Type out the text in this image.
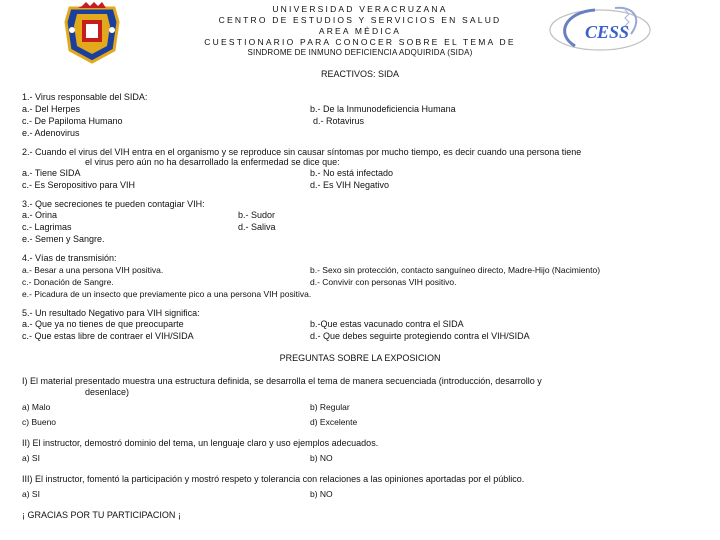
CESS
UNIVERSIDAD VERACRUZANA
CENTRO DE ESTUDIOS Y SERVICIOS EN SALUD
AREA MÉDICA
CUESTIONARIO PARA CONOCER SOBRE EL TEMA DE
SINDROME DE INMUNO DEFICIENCIA ADQUIRIDA (SIDA)
REACTIVOS: SIDA
1.- Virus responsable del SIDA:
a.- Del Herpes	b.- De la Inmunodeficiencia Humana
c.- De Papiloma Humano	d.- Rotavirus
e.- Adenovirus
2.- Cuando el virus del VIH entra en el organismo y se reproduce sin causar síntomas por mucho tiempo, es decir cuando una persona tiene
el virus pero aún no ha desarrollado la enfermedad se dice que:
a.- Tiene SIDA	b.- No está infectado
c.- Es Seropositivo para VIH	d.- Es VIH Negativo
3.- Que secreciones te pueden contagiar VIH:
a.- Orina	b.- Sudor
c.- Lagrimas	d.- Saliva
e.- Semen y Sangre.
4.- Vías de transmisión:
a.- Besar a una persona VIH positiva.	b.- Sexo sin protección, contacto sanguíneo directo, Madre-Hijo (Nacimiento)
c.- Donación de Sangre.	d.- Convivir con personas VIH positivo.
e.- Picadura de un insecto que previamente pico a una persona VIH positiva.
5.- Un resultado Negativo para VIH significa:
a.- Que ya no tienes de que preocuparte	b.-Que estas vacunado contra el SIDA
c.- Que estas libre de contraer el VIH/SIDA	d.- Que debes seguirte protegiendo contra el VIH/SIDA
PREGUNTAS SOBRE LA EXPOSICION
I) El material presentado muestra una estructura definida, se desarrolla el tema de manera secuenciada (introducción, desarrollo y
desenlace)
a) Malo	b) Regular
c) Bueno	d) Excelente
II) El instructor, demostró dominio del tema, un lenguaje claro y uso ejemplos adecuados.
a) SI	b) NO
III) El instructor, fomentó la participación y mostró respeto y tolerancia con relaciones a las opiniones aportadas por el público.
a) SI	b) NO
¡ GRACIAS POR TU PARTICIPACION ¡
